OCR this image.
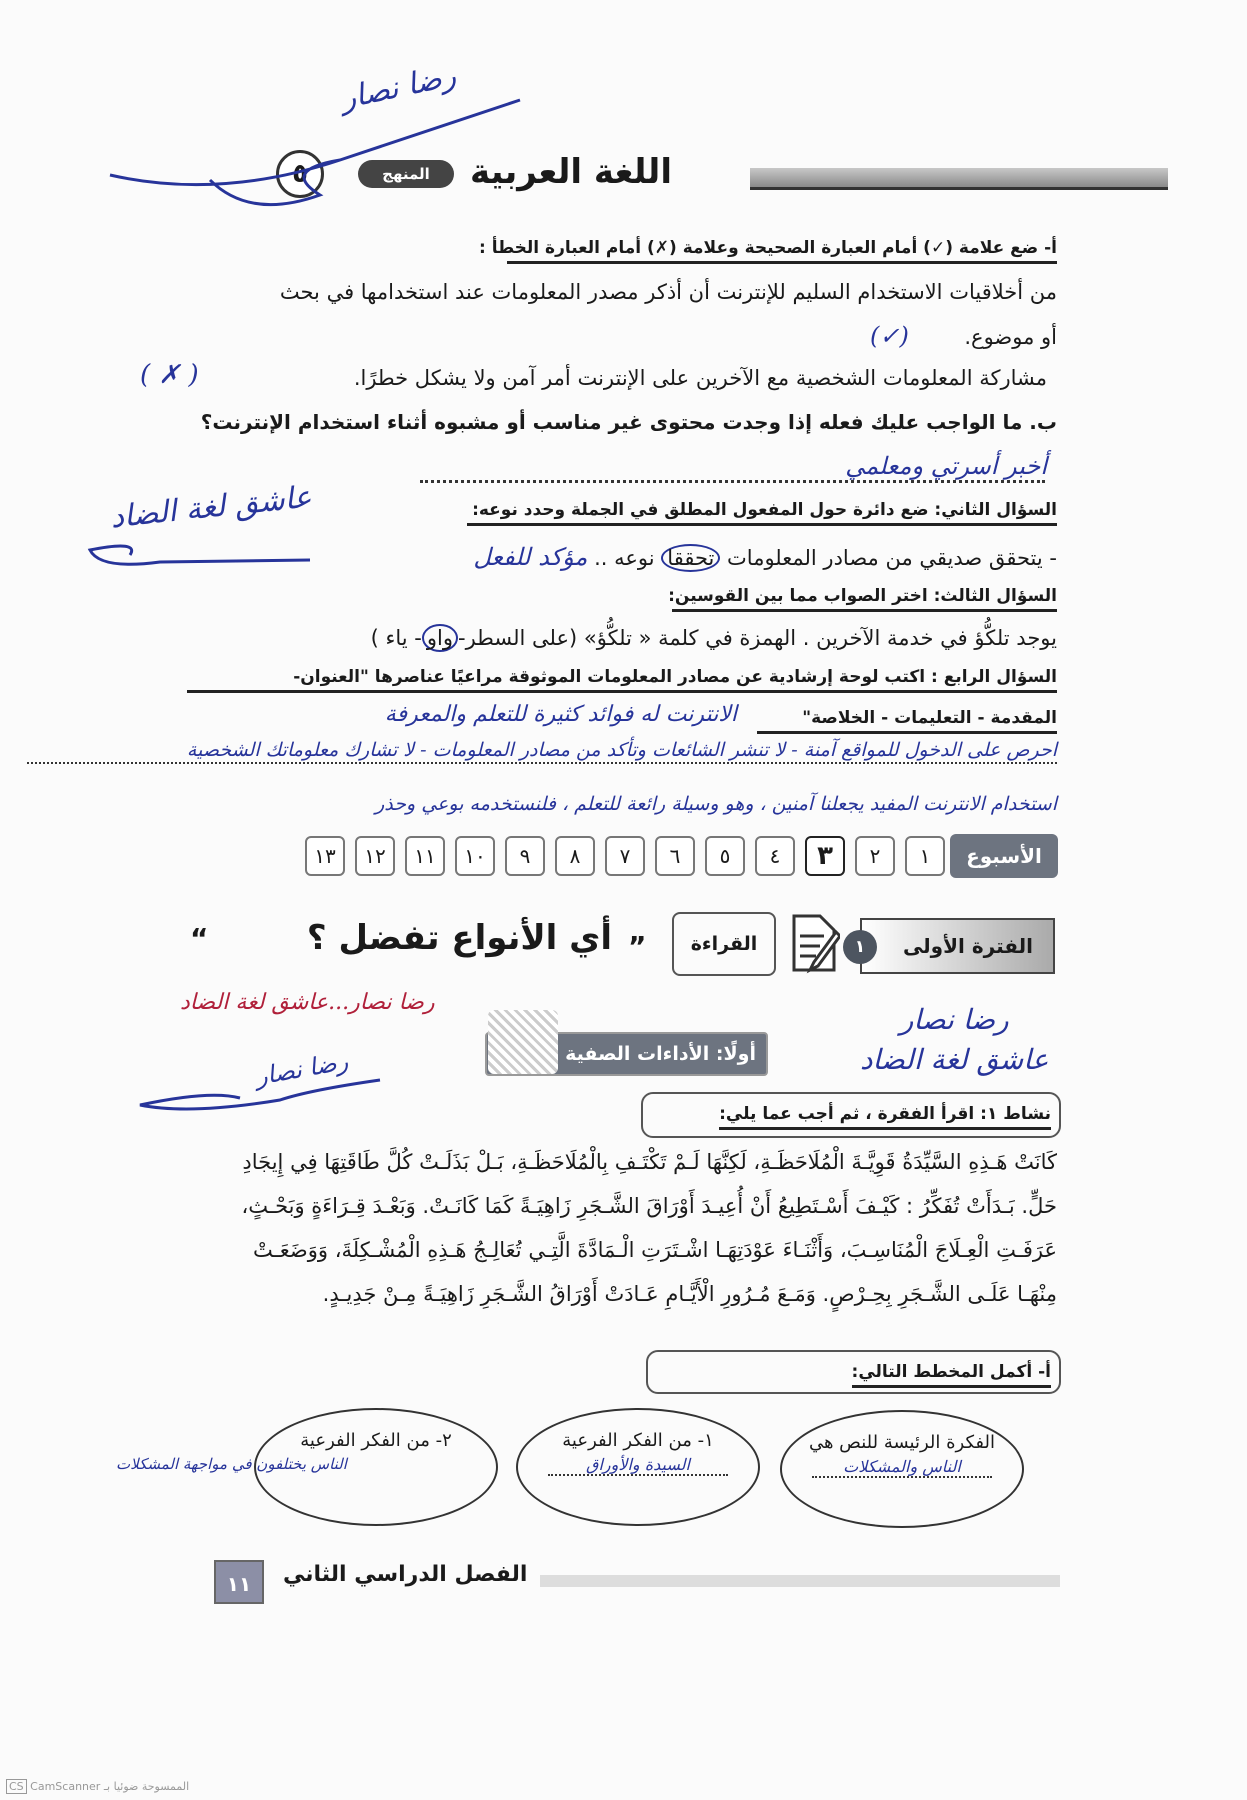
اللغة العربية
المنهج
٥
رضا نصار
أ- ضع علامة (✓) أمام العبارة الصحيحة وعلامة (✗) أمام العبارة الخطأ :
من أخلاقيات الاستخدام السليم للإنترنت أن أذكر مصدر المعلومات عند استخدامها في بحث
أو موضوع.
(✓)
مشاركة المعلومات الشخصية مع الآخرين على الإنترنت أمر آمن ولا يشكل خطرًا.
( ✗ )
ب. ما الواجب عليك فعله إذا وجدت محتوى غير مناسب أو مشبوه أثناء استخدام الإنترنت؟
أخبر أسرتي ومعلمي
السؤال الثاني: ضع دائرة حول المفعول المطلق في الجملة وحدد نوعه:
- يتحقق صديقي من مصادر المعلومات تحققا نوعه .. مؤكد للفعل
عاشق لغة الضاد
السؤال الثالث: اختر الصواب مما بين القوسين:
يوجد تلكُّؤ في خدمة الآخرين . الهمزة في كلمة « تلكُّؤ» (على السطر-واو- ياء )
السؤال الرابع : اكتب لوحة إرشادية عن مصادر المعلومات الموثوقة مراعيًا عناصرها "العنوان-
المقدمة - التعليمات - الخلاصة"
الانترنت له فوائد كثيرة للتعلم والمعرفة
احرص على الدخول للمواقع آمنة - لا تنشر الشائعات وتأكد من مصادر المعلومات - لا تشارك معلوماتك الشخصية
استخدام الانترنت المفيد يجعلنا آمنين ، وهو وسيلة رائعة للتعلم ، فلنستخدمه بوعي وحذر
الأسبوع
١
٢
٣
٤
٥
٦
٧
٨
٩
١٠
١١
١٢
١٣
رضا نصار...عاشق لغة الضاد
الفترة الأولى
١
القراءة
”
أي الأنواع تفضل ؟
“
أولًا: الأداءات الصفية
نشاط ١: اقرأ الفقرة ، ثم أجب عما يلي:
رضا نصار
عاشق لغة الضاد
رضا نصار
كَانَتْ هَـذِهِ السَّيِّدَةُ قَوِيَّـةَ الْمُلَاحَظَـةِ، لَكِنَّهَا لَـمْ تَكْتَـفِ بِالْمُلَاحَظَـةِ، بَـلْ بَذَلَـتْ كُلَّ طَاقَتِهَا فِي إِيجَادِ
حَلٍّ. بَـدَأَتْ تُفَكِّرُ : كَيْـفَ أَسْـتَطِيعُ أَنْ أُعِيـدَ أَوْرَاقَ الشَّـجَرِ زَاهِيَـةً كَمَا كَانَـتْ. وَبَعْـدَ قِـرَاءَةٍ وَبَحْـثٍ،
عَرَفَـتِ الْعِـلَاجَ الْمُنَاسِـبَ، وَأَثْنَـاءَ عَوْدَتِهَـا اشْـتَرَتِ الْـمَادَّةَ الَّتِـي تُعَالِـجُ هَـذِهِ الْمُشْـكِلَةَ، وَوَضَعَـتْ
مِنْهَـا عَلَـى الشَّـجَرِ بِحِـرْصٍ. وَمَـعَ مُـرُورِ الْأَيَّـامِ عَـادَتْ أَوْرَاقُ الشَّـجَرِ زَاهِيَـةً مِـنْ جَدِيـدٍ.
أ- أكمل المخطط التالي:
الفكرة الرئيسة للنص هي
الناس والمشكلات
١- من الفكر الفرعية
السيدة والأوراق
٢- من الفكر الفرعية
الناس يختلفون في مواجهة المشكلات
الفصل الدراسي الثاني
١١
CS CamScanner الممسوحة ضوئيا بـ
